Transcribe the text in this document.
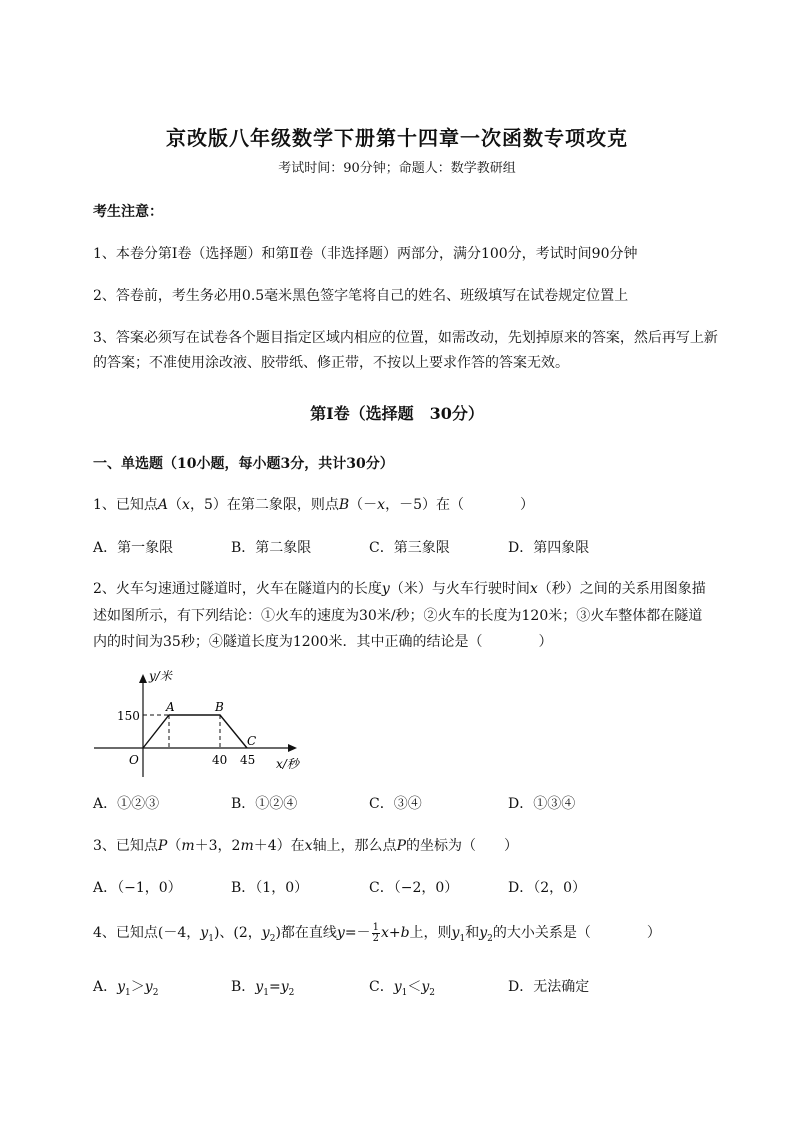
京改版八年级数学下册第十四章一次函数专项攻克
考试时间：90分钟；命题人：数学教研组
考生注意：
1、本卷分第I卷（选择题）和第Ⅱ卷（非选择题）两部分，满分100分，考试时间90分钟
2、答卷前，考生务必用0.5毫米黑色签字笔将自己的姓名、班级填写在试卷规定位置上
3、答案必须写在试卷各个题目指定区域内相应的位置，如需改动，先划掉原来的答案，然后再写上新
的答案；不准使用涂改液、胶带纸、修正带，不按以上要求作答的答案无效。
第I卷（选择题　30分）
一、单选题（10小题，每小题3分，共计30分）
1、已知点A（x，5）在第二象限，则点B（－x，－5）在（　　　　）
A．第一象限	B．第二象限	C．第三象限	D．第四象限
2、火车匀速通过隧道时，火车在隧道内的长度y（米）与火车行驶时间x（秒）之间的关系用图象描
述如图所示，有下列结论：①火车的速度为30米/秒；②火车的长度为120米；③火车整体都在隧道
内的时间为35秒；④隧道长度为1200米．其中正确的结论是（　　　　）
y/米
150
A	B
C
O	40 45 x/秒
A．①②③	B．①②④	C．③④	D．①③④
3、已知点P（m＋3，2m＋4）在x轴上，那么点P的坐标为（　　）
A．（−1，0）	B．（1，0）	C．（−2，0）	D．（2，0）
4、已知点(－4，$y_1$)、(2，$y_2$)都在直线$y=- \frac{1}{2} x+b$上，则$y_1$和$y_2$的大小关系是（　　　　）
A．$y_1>y_2$	B．$y_1=y_2$	C．$y_1<y_2$	D．无法确定
